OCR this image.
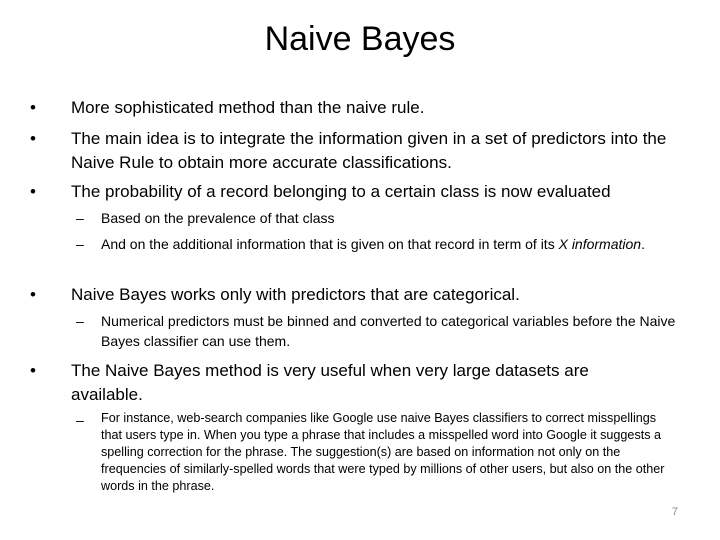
Naive Bayes
• More sophisticated method than the naive rule.
• The main idea is to integrate the information given in a set of predictors into the Naive Rule to obtain more accurate classifications.
• The probability of a record belonging to a certain class is now evaluated
– Based on the prevalence of that class
– And on the additional information that is given on that record in term of its X information.
• Naive Bayes works only with predictors that are categorical.
– Numerical predictors must be binned and converted to categorical variables before the Naive Bayes classifier can use them.
• The Naive Bayes method is very useful when very large datasets are available.
– For instance, web-search companies like Google use naive Bayes classifiers to correct misspellings that users type in. When you type a phrase that includes a misspelled word into Google it suggests a spelling correction for the phrase. The suggestion(s) are based on information not only on the frequencies of similarly-spelled words that were typed by millions of other users, but also on the other words in the phrase.
7
